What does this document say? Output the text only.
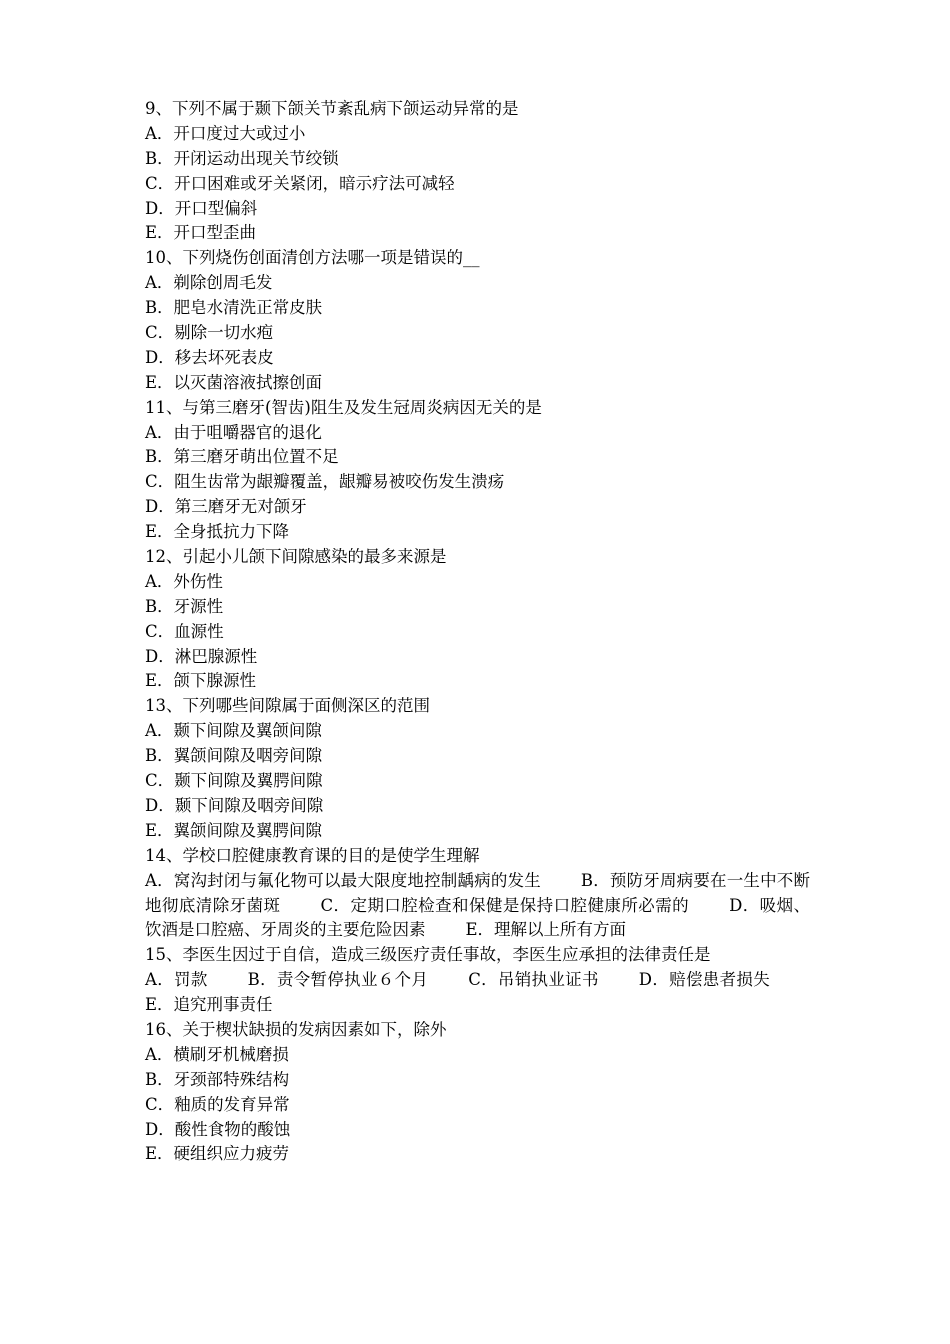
9、下列不属于颞下颌关节紊乱病下颌运动异常的是
A．开口度过大或过小
B．开闭运动出现关节绞锁
C．开口困难或牙关紧闭，暗示疗法可减轻
D．开口型偏斜
E．开口型歪曲
10、下列烧伤创面清创方法哪一项是错误的__
A．剃除创周毛发
B．肥皂水清洗正常皮肤
C．剔除一切水疱
D．移去坏死表皮
E．以灭菌溶液拭擦创面
11、与第三磨牙(智齿)阻生及发生冠周炎病因无关的是
A．由于咀嚼器官的退化
B．第三磨牙萌出位置不足
C．阻生齿常为龈瓣覆盖，龈瓣易被咬伤发生溃疡
D．第三磨牙无对颌牙
E．全身抵抗力下降
12、引起小儿颌下间隙感染的最多来源是
A．外伤性
B．牙源性
C．血源性
D．淋巴腺源性
E．颌下腺源性
13、下列哪些间隙属于面侧深区的范围
A．颞下间隙及翼颌间隙
B．翼颌间隙及咽旁间隙
C．颞下间隙及翼腭间隙
D．颞下间隙及咽旁间隙
E．翼颌间隙及翼腭间隙
14、学校口腔健康教育课的目的是使学生理解
A．窝沟封闭与氟化物可以最大限度地控制龋病的发生 B．预防牙周病要在一生中不断地彻底清除牙菌斑 C．定期口腔检查和保健是保持口腔健康所必需的 D．吸烟、饮酒是口腔癌、牙周炎的主要危险因素 E．理解以上所有方面
15、李医生因过于自信，造成三级医疗责任事故，李医生应承担的法律责任是
A．罚款 B．责令暂停执业６个月 C．吊销执业证书 D．赔偿患者损失E．追究刑事责任
16、关于楔状缺损的发病因素如下，除外
A．横刷牙机械磨损
B．牙颈部特殊结构
C．釉质的发育异常
D．酸性食物的酸蚀
E．硬组织应力疲劳
